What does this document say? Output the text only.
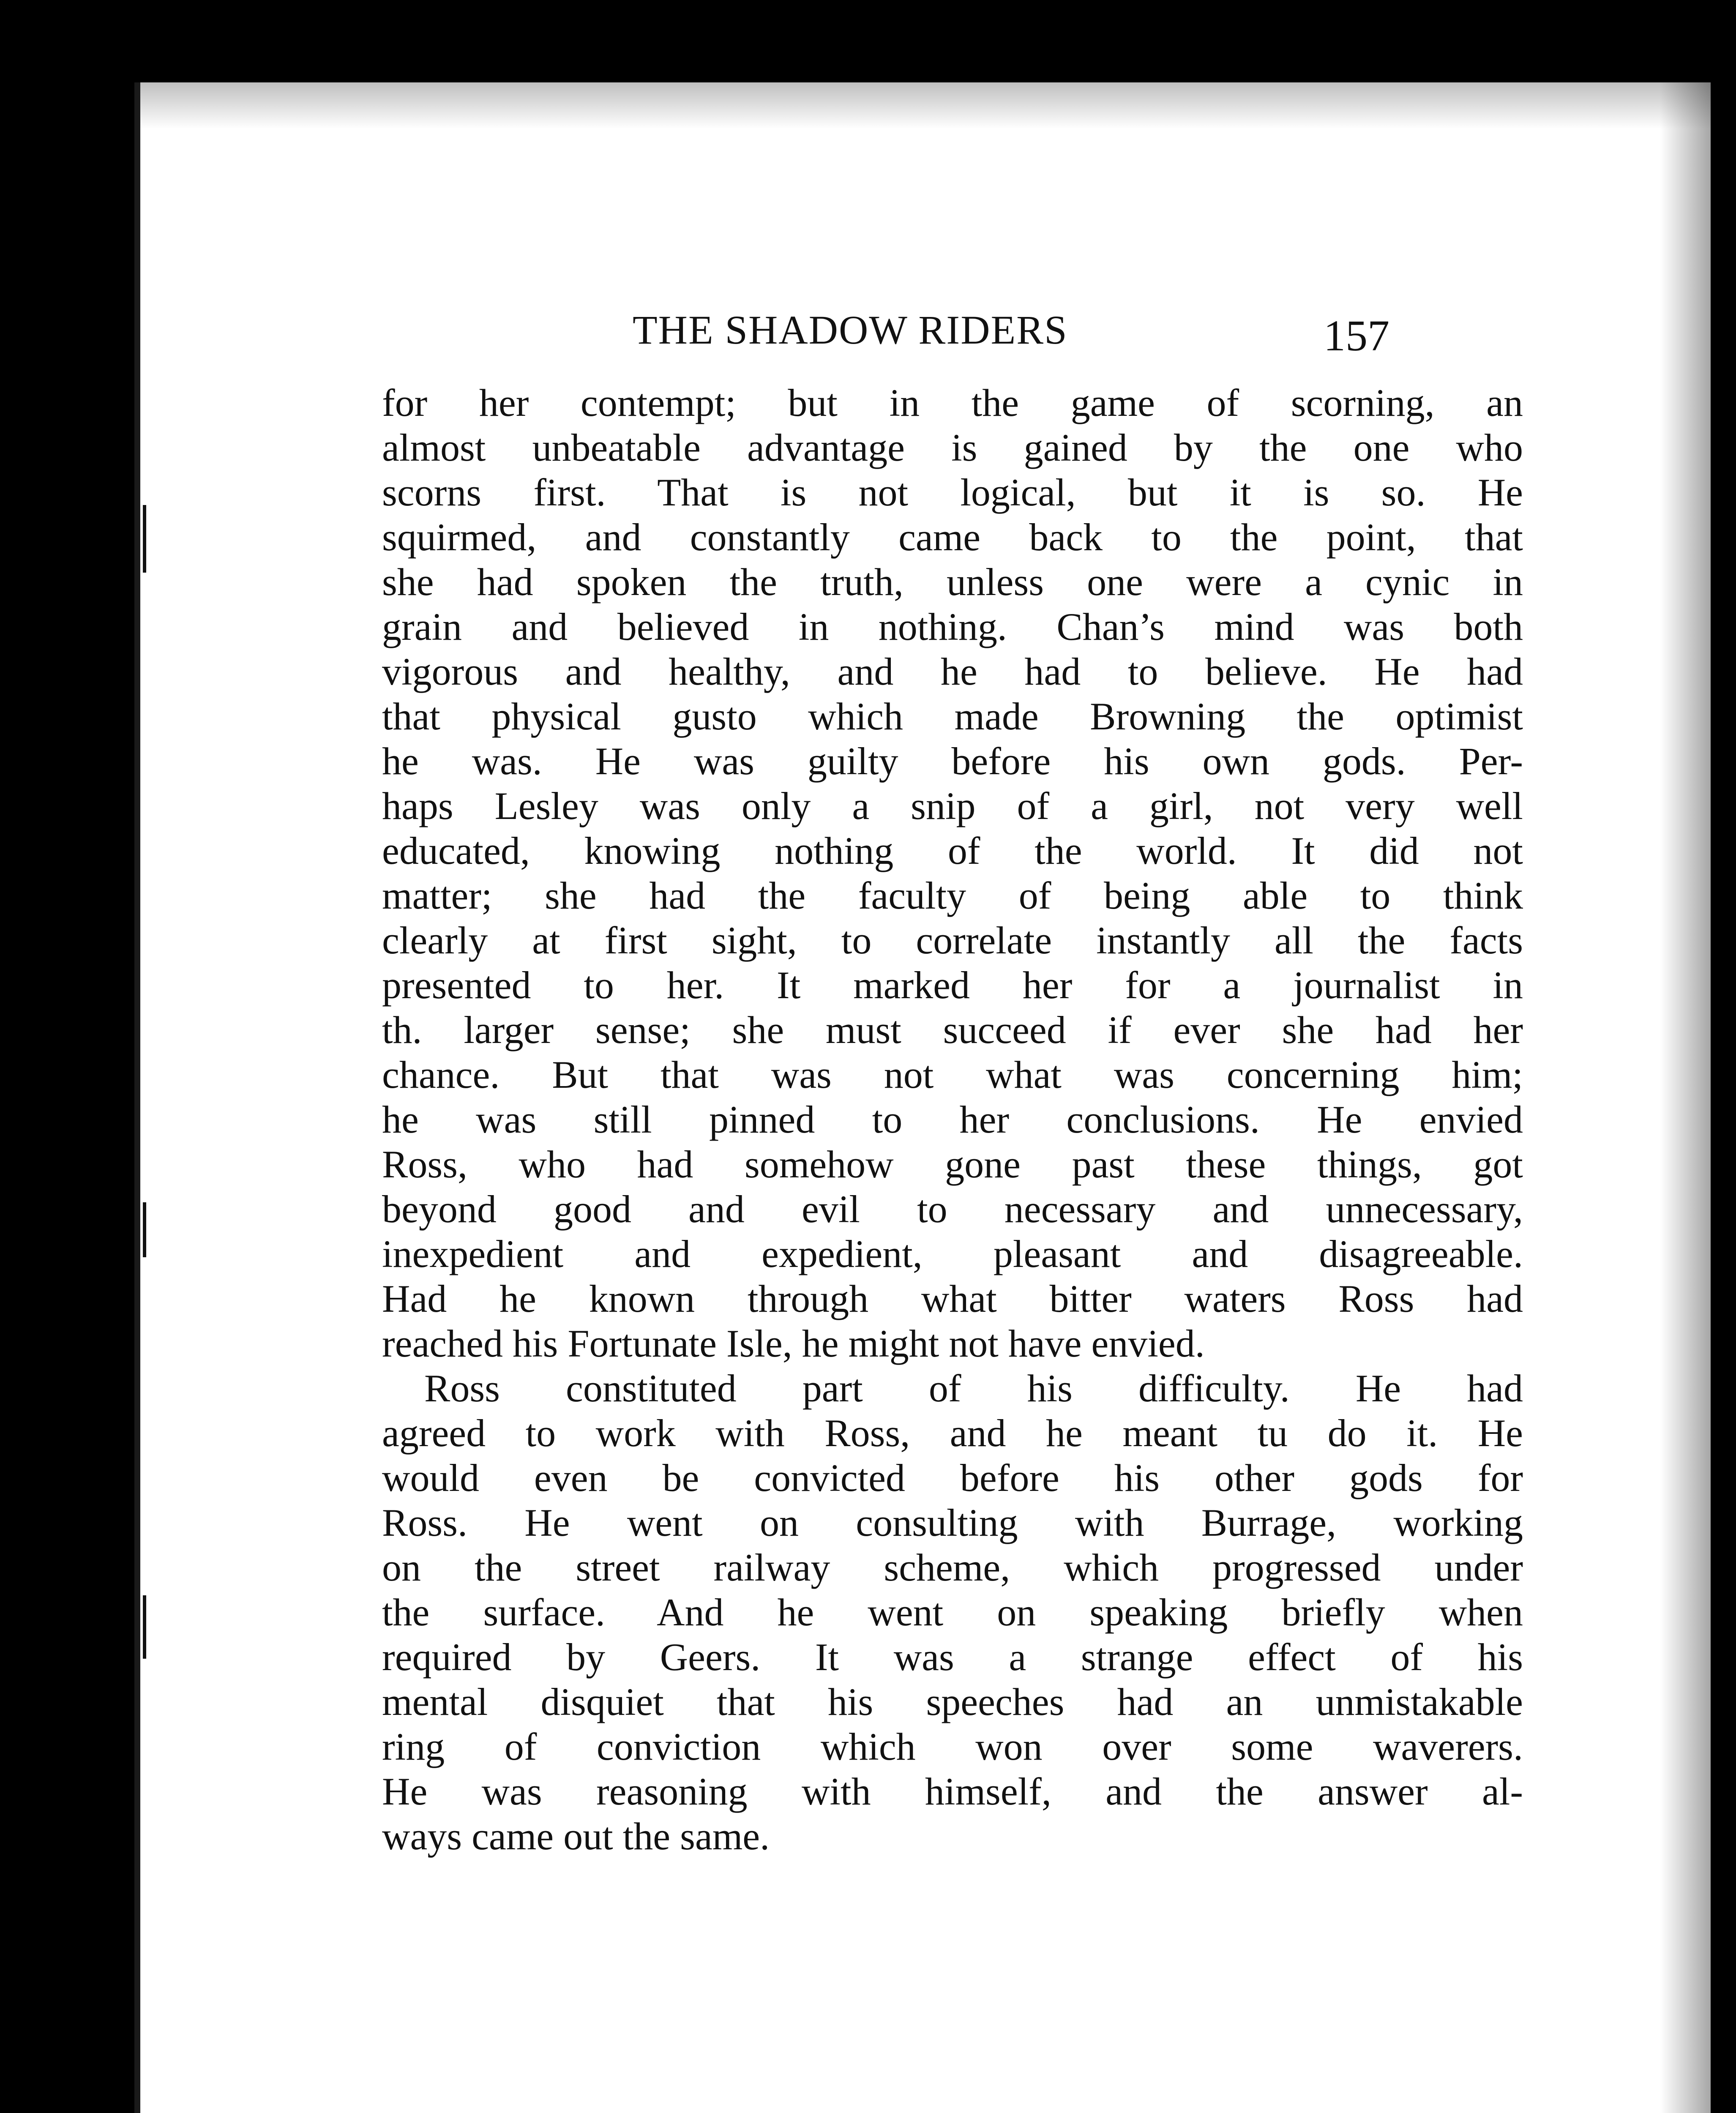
THE SHADOW RIDERS	157
for her contempt; but in the game of scorning, an
almost unbeatable advantage is gained by the one who
scorns first. That is not logical, but it is so. He
squirmed, and constantly came back to the point, that
she had spoken the truth, unless one were a cynic in
grain and believed in nothing. Chan’s mind was both
vigorous and healthy, and he had to believe. He had
that physical gusto which made Browning the optimist
he was. He was guilty before his own gods. Per-
haps Lesley was only a snip of a girl, not very well
educated, knowing nothing of the world. It did not
matter; she had the faculty of being able to think
clearly at first sight, to correlate instantly all the facts
presented to her. It marked her for a journalist in
th. larger sense; she must succeed if ever she had her
chance. But that was not what was concerning him;
he was still pinned to her conclusions. He envied
Ross, who had somehow gone past these things, got
beyond good and evil to necessary and unnecessary,
inexpedient and expedient, pleasant and disagreeable.
Had he known through what bitter waters Ross had
reached his Fortunate Isle, he might not have envied.
Ross constituted part of his difficulty. He had
agreed to work with Ross, and he meant tu do it. He
would even be convicted before his other gods for
Ross. He went on consulting with Burrage, working
on the street railway scheme, which progressed under
the surface. And he went on speaking briefly when
required by Geers. It was a strange effect of his
mental disquiet that his speeches had an unmistakable
ring of conviction which won over some waverers.
He was reasoning with himself, and the answer al-
ways came out the same.
